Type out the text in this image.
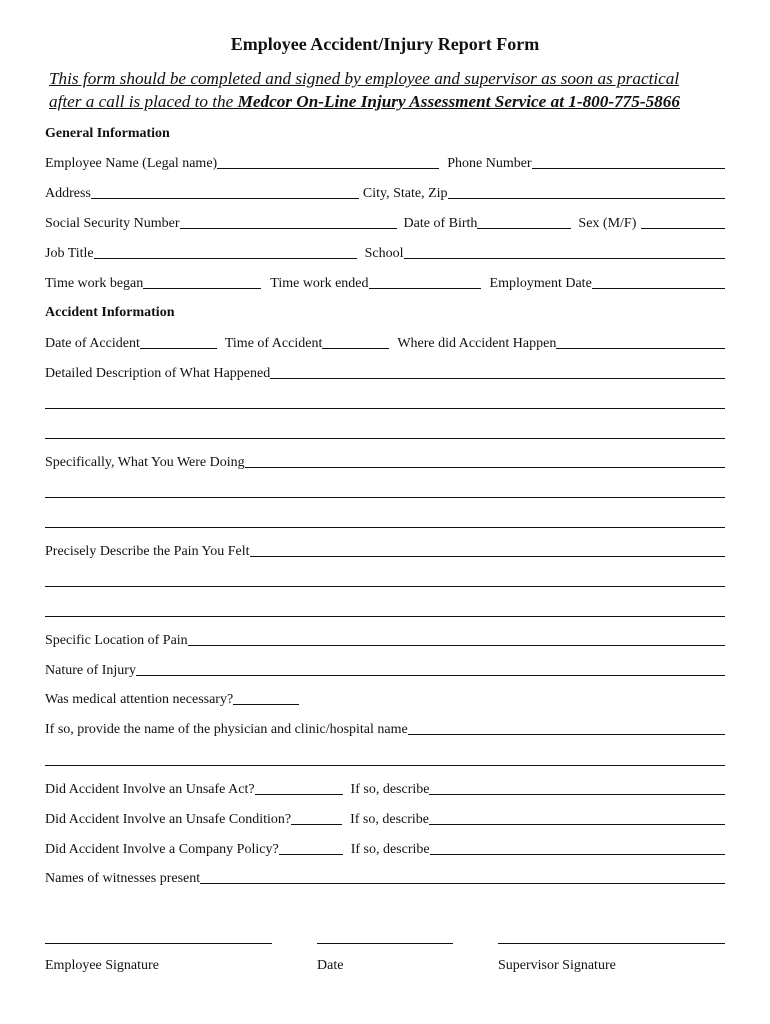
Employee Accident/Injury Report Form
This form should be completed and signed by employee and supervisor as soon as practical
after a call is placed to the Medcor On-Line Injury Assessment Service at 1-800-775-5866
General Information
Employee Name (Legal name)	Phone Number
Address	City, State, Zip
Social Security Number	Date of Birth	Sex (M/F)
Job Title	School
Time work began	Time work ended	Employment Date
Accident Information
Date of Accident	Time of Accident	Where did Accident Happen
Detailed Description of What Happened
Specifically, What You Were Doing
Precisely Describe the Pain You Felt
Specific Location of Pain
Nature of Injury
Was medical attention necessary?
If so, provide the name of the physician and clinic/hospital name
Did Accident Involve an Unsafe Act?	If so, describe
Did Accident Involve an Unsafe Condition?	If so, describe
Did Accident Involve a Company Policy?	If so, describe
Names of witnesses present
Employee Signature	Date	Supervisor Signature
